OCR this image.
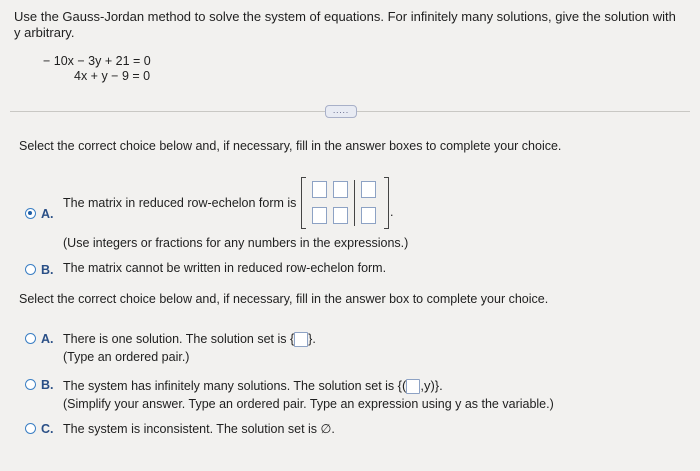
Use the Gauss-Jordan method to solve the system of equations. For infinitely many solutions, give the solution with y arbitrary.
− 10x − 3y + 21 = 0
4x + y − 9 = 0
.....
Select the correct choice below and, if necessary, fill in the answer boxes to complete your choice.
A.
The matrix in reduced row-echelon form is
.
(Use integers or fractions for any numbers in the expressions.)
B. The matrix cannot be written in reduced row-echelon form.
Select the correct choice below and, if necessary, fill in the answer box to complete your choice.
A. There is one solution. The solution set is { }.
(Type an ordered pair.)
B. The system has infinitely many solutions. The solution set is {( ,y)}.
(Simplify your answer. Type an ordered pair. Type an expression using y as the variable.)
C. The system is inconsistent. The solution set is ∅.
